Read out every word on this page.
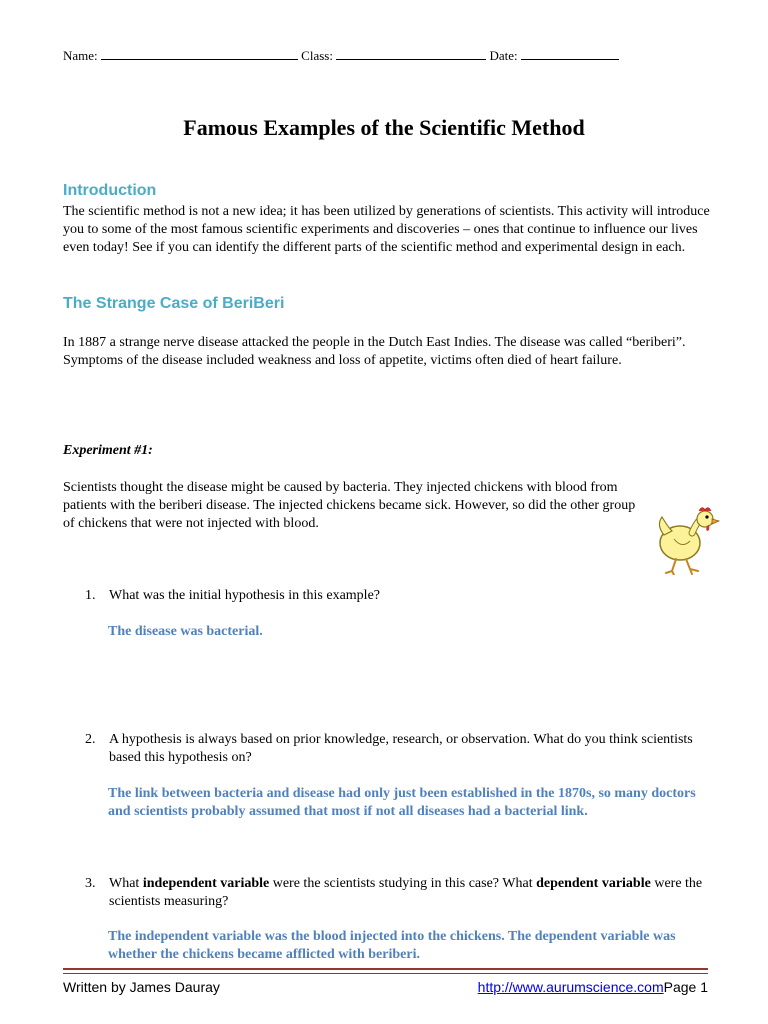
Name:	Class:	Date:
Famous Examples of the Scientific Method
Introduction
The scientific method is not a new idea; it has been utilized by generations of scientists. This activity will introduce you to some of the most famous scientific experiments and discoveries – ones that continue to influence our lives even today! See if you can identify the different parts of the scientific method and experimental design in each.
The Strange Case of BeriBeri
In 1887 a strange nerve disease attacked the people in the Dutch East Indies. The disease was called “beriberi”. Symptoms of the disease included weakness and loss of appetite, victims often died of heart failure.
Experiment #1:
Scientists thought the disease might be caused by bacteria. They injected chickens with blood from patients with the beriberi disease. The injected chickens became sick. However, so did the other group of chickens that were not injected with blood.
1. What was the initial hypothesis in this example?
The disease was bacterial.
2. A hypothesis is always based on prior knowledge, research, or observation. What do you think scientists based this hypothesis on?
The link between bacteria and disease had only just been established in the 1870s, so many doctors and scientists probably assumed that most if not all diseases had a bacterial link.
3. What independent variable were the scientists studying in this case? What dependent variable were the scientists measuring?
The independent variable was the blood injected into the chickens. The dependent variable was whether the chickens became afflicted with beriberi.
Written by James Dauray	http://www.aurumscience.comPage 1
